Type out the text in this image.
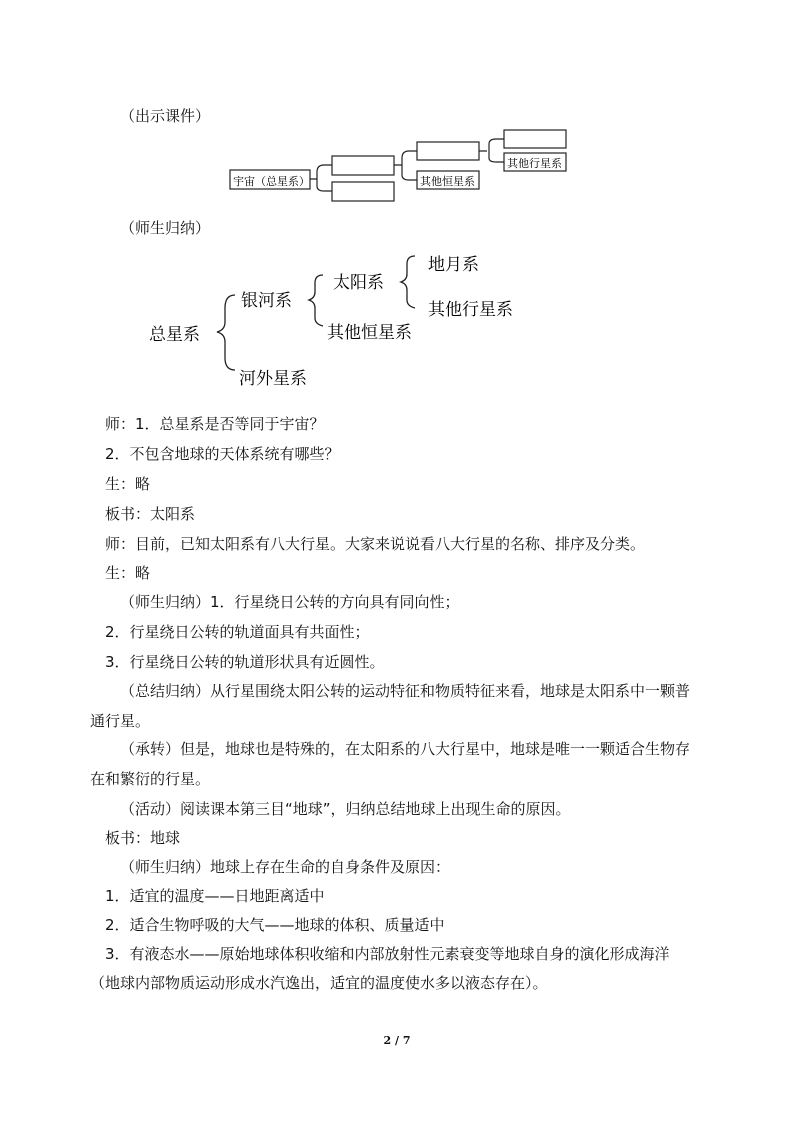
（出示课件）
宇宙（总星系）	其他恒星系
其他行星系
（师生归纳）
总星系
银河系
河外星系
太阳系
其他恒星系
地月系
其他行星系
师：1．总星系是否等同于宇宙？
2．不包含地球的天体系统有哪些？
生：略
板书：太阳系
师：目前，已知太阳系有八大行星。大家来说说看八大行星的名称、排序及分类。
生：略
（师生归纳）1．行星绕日公转的方向具有同向性；
2．行星绕日公转的轨道面具有共面性；
3．行星绕日公转的轨道形状具有近圆性。
（总结归纳）从行星围绕太阳公转的运动特征和物质特征来看，地球是太阳系中一颗普
通行星。
（承转）但是，地球也是特殊的，在太阳系的八大行星中，地球是唯一一颗适合生物存
在和繁衍的行星。
（活动）阅读课本第三目“地球”，归纳总结地球上出现生命的原因。
板书：地球
（师生归纳）地球上存在生命的自身条件及原因：
1．适宜的温度——日地距离适中
2．适合生物呼吸的大气——地球的体积、质量适中
3．有液态水——原始地球体积收缩和内部放射性元素衰变等地球自身的演化形成海洋
（地球内部物质运动形成水汽逸出，适宜的温度使水多以液态存在）。
2 / 7
